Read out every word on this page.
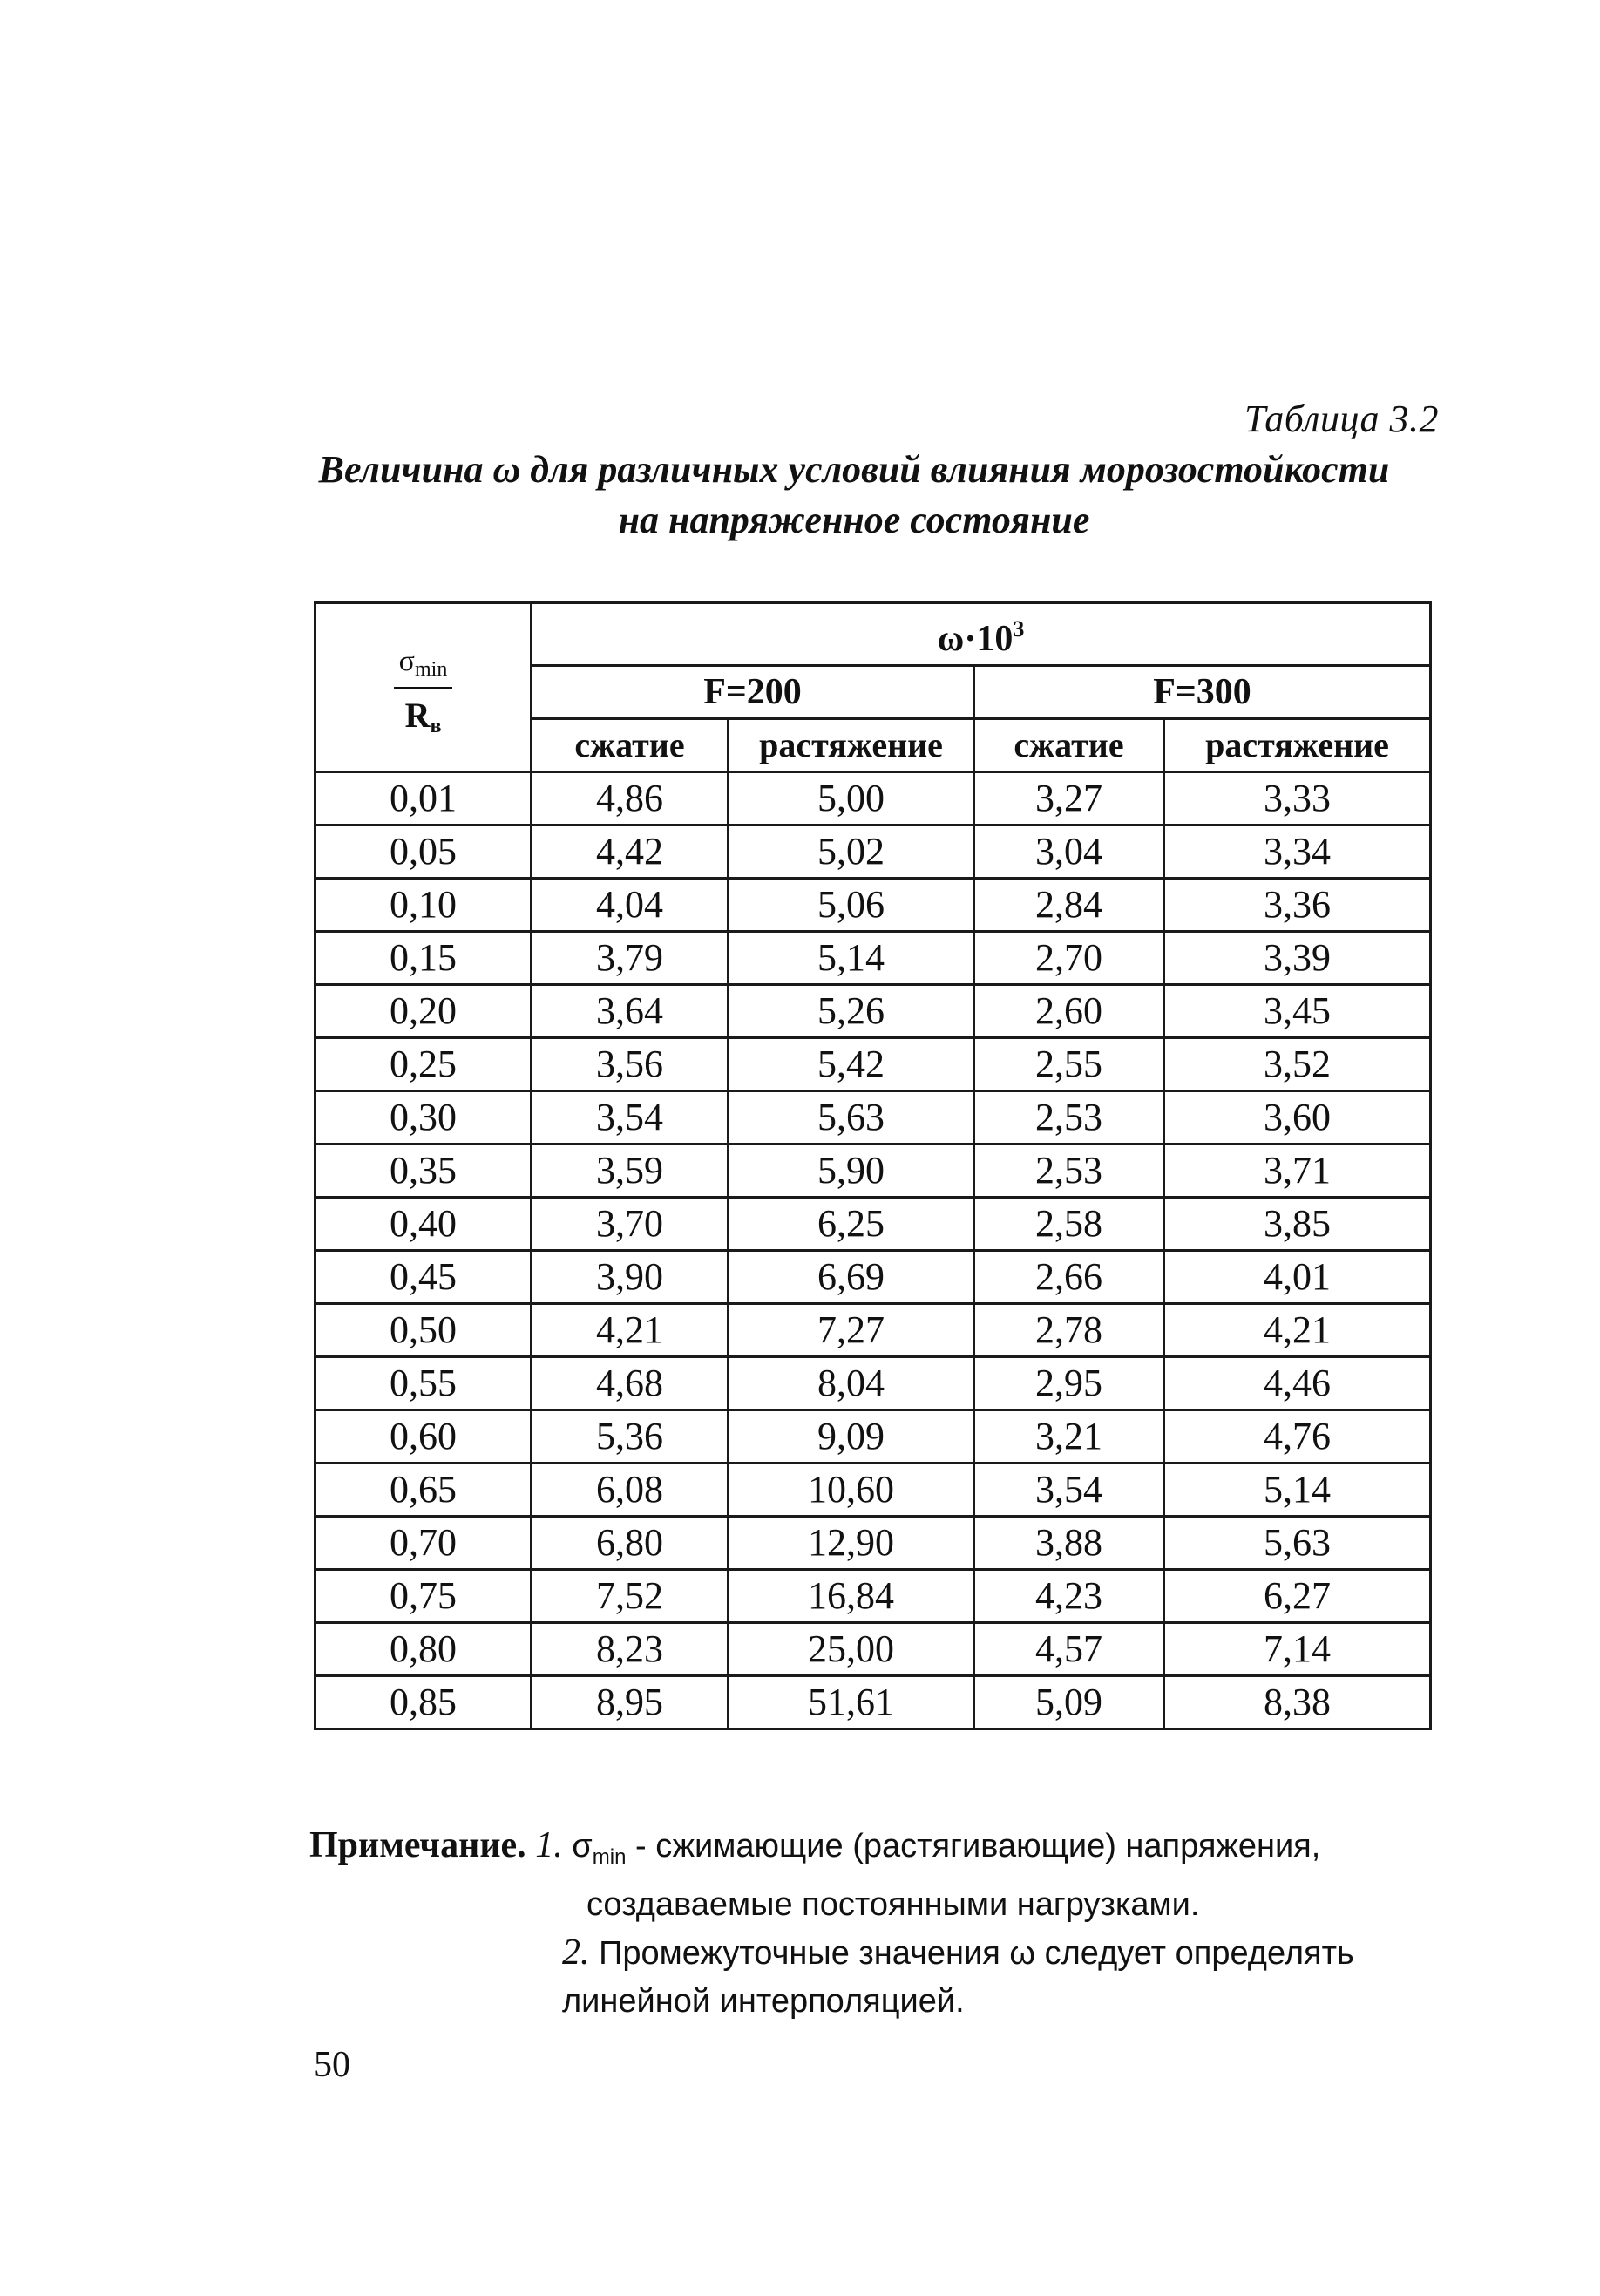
Таблица 3.2
Величина ω для различных условий влияния морозостойкости
на напряженное состояние
$\sigma_{min}$
$R_в$	$\omega\cdot 10^3$
	F=200		F=300	
	сжатие	растяжение	сжатие	растяжение
0,01	4,86	5,00	3,27	3,33
0,05	4,42	5,02	3,04	3,34
0,10	4,04	5,06	2,84	3,36
0,15	3,79	5,14	2,70	3,39
0,20	3,64	5,26	2,60	3,45
0,25	3,56	5,42	2,55	3,52
0,30	3,54	5,63	2,53	3,60
0,35	3,59	5,90	2,53	3,71
0,40	3,70	6,25	2,58	3,85
0,45	3,90	6,69	2,66	4,01
0,50	4,21	7,27	2,78	4,21
0,55	4,68	8,04	2,95	4,46
0,60	5,36	9,09	3,21	4,76
0,65	6,08	10,60	3,54	5,14
0,70	6,80	12,90	3,88	5,63
0,75	7,52	16,84	4,23	6,27
0,80	8,23	25,00	4,57	7,14
0,85	8,95	51,61	5,09	8,38
Примечание. 1. $\sigma_{min}$ - сжимающие (растягивающие) напряжения,
создаваемые постоянными нагрузками.
2. Промежуточные значения ω следует определять
линейной интерполяцией.
50
